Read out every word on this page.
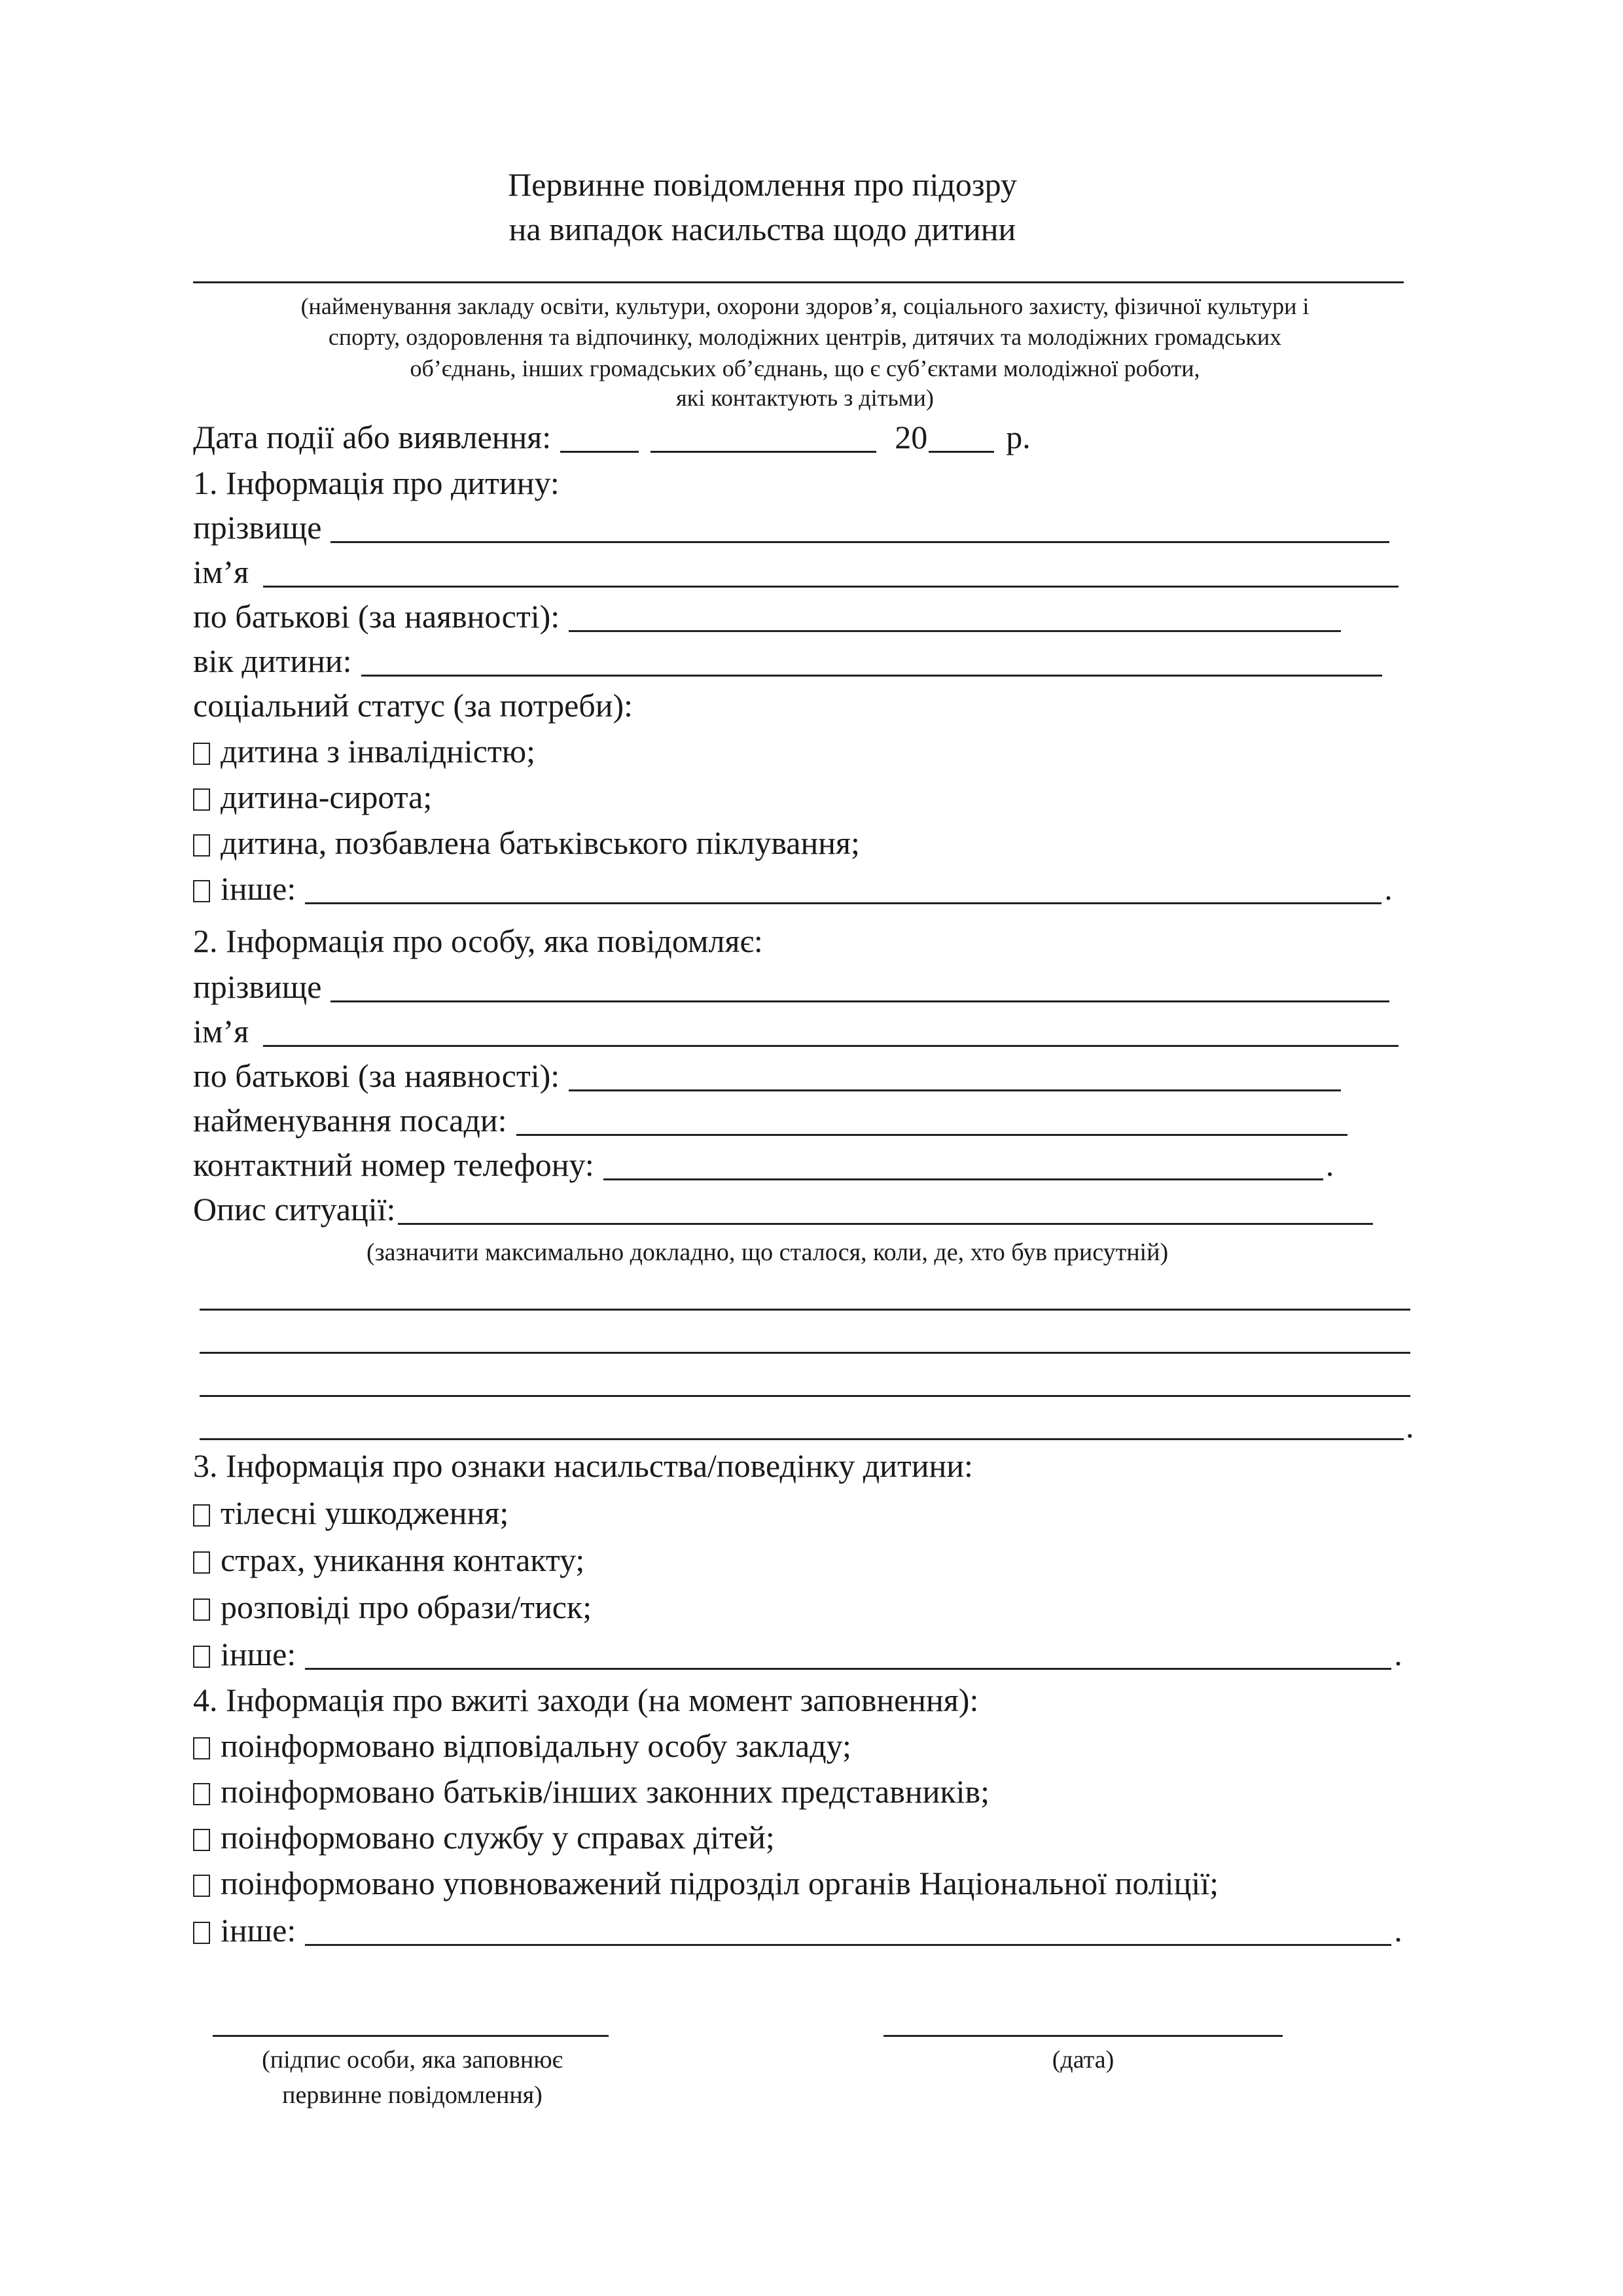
Первинне повідомлення про підозру
на випадок насильства щодо дитини
(найменування закладу освіти, культури, охорони здоров’я, соціального захисту, фізичної культури і
спорту, оздоровлення та відпочинку, молодіжних центрів, дитячих та молодіжних громадських
об’єднань, інших громадських об’єднань, що є суб’єктами молодіжної роботи,
які контактують з дітьми)
Дата події або виявлення:	20 р.
1. Інформація про дитину:
прізвище
ім’я
по батькові (за наявності):
вік дитини:
соціальний статус (за потреби):
дитина з інвалідністю;
дитина-сирота;
дитина, позбавлена батьківського піклування;
інше:	.
2. Інформація про особу, яка повідомляє:
прізвище
ім’я
по батькові (за наявності):
найменування посади:
контактний номер телефону:	.
Опис ситуації:
(зазначити максимально докладно, що сталося, коли, де, хто був присутній)
.
3. Інформація про ознаки насильства/поведінку дитини:
тілесні ушкодження;
страх, уникання контакту;
розповіді про образи/тиск;
інше:	.
4. Інформація про вжиті заходи (на момент заповнення):
поінформовано відповідальну особу закладу;
поінформовано батьків/інших законних представників;
поінформовано службу у справах дітей;
поінформовано уповноважений підрозділ органів Національної поліції;
інше:	.
(підпис особи, яка заповнює
первинне повідомлення)
(дата)
